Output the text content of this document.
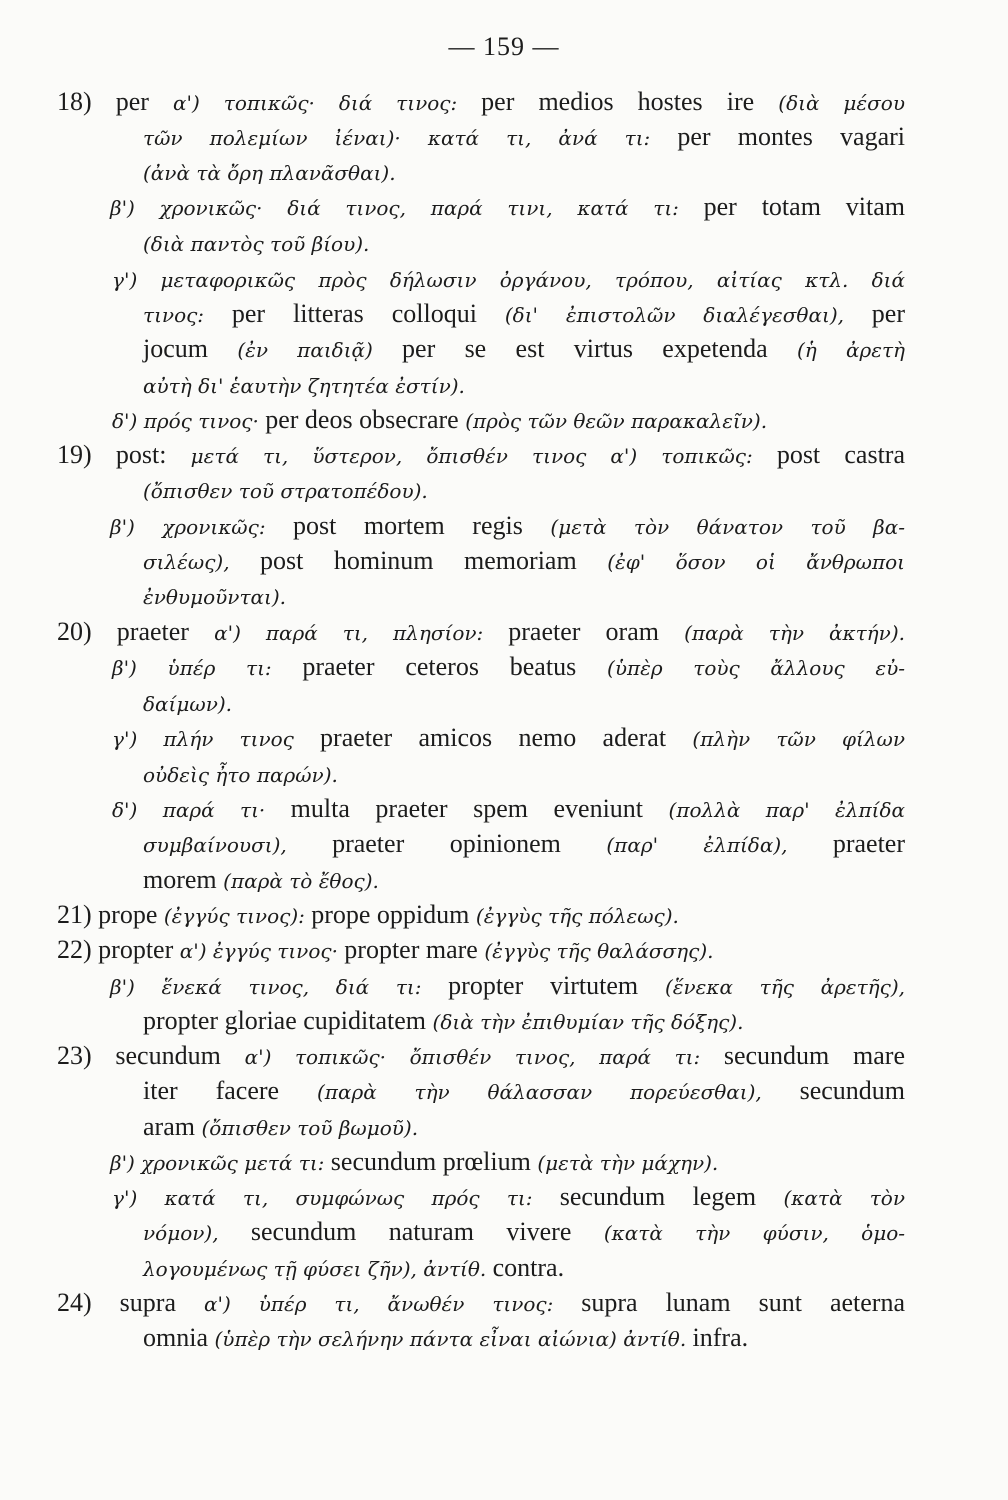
— 159 —
18) per α') τοπικῶς· διά τινος: per medios hostes ire (διὰ μέσου
τῶν πολεμίων ἰέναι)· κατά τι, ἀνά τι: per montes vagari
(ἀνὰ τὰ ὄρη πλανᾶσθαι).
β') χρονικῶς· διά τινος, παρά τινι, κατά τι: per totam vitam
(διὰ παντὸς τοῦ βίου).
γ') μεταφορικῶς πρὸς δήλωσιν ὀργάνου, τρόπου, αἰτίας κτλ. διά
τινος: per litteras colloqui (δι' ἐπιστολῶν διαλέγεσθαι), per
jocum (ἐν παιδιᾷ) per se est virtus expetenda (ἡ ἀρετὴ
αὐτὴ δι' ἑαυτὴν ζητητέα ἐστίν).
δ') πρός τινος· per deos obsecrare (πρὸς τῶν θεῶν παρακαλεῖν).
19) post: μετά τι, ὕστερον, ὄπισθέν τινος α') τοπικῶς: post castra
(ὄπισθεν τοῦ στρατοπέδου).
β') χρονικῶς: post mortem regis (μετὰ τὸν θάνατον τοῦ βα-
σιλέως), post hominum memoriam (ἐφ' ὅσον οἱ ἄνθρωποι
ἐνθυμοῦνται).
20) praeter α') παρά τι, πλησίον: praeter oram (παρὰ τὴν ἀκτήν).
β') ὑπέρ τι: praeter ceteros beatus (ὑπὲρ τοὺς ἄλλους εὐ-
δαίμων).
γ') πλήν τινος praeter amicos nemo aderat (πλὴν τῶν φίλων
οὐδεὶς ἦτο παρών).
δ') παρά τι· multa praeter spem eveniunt (πολλὰ παρ' ἐλπίδα
συμβαίνουσι), praeter opinionem (παρ' ἐλπίδα), praeter
morem (παρὰ τὸ ἔθος).
21) prope (ἐγγύς τινος): prope oppidum (ἐγγὺς τῆς πόλεως).
22) propter α') ἐγγύς τινος· propter mare (ἐγγὺς τῆς θαλάσσης).
β') ἕνεκά τινος, διά τι: propter virtutem (ἕνεκα τῆς ἀρετῆς),
propter gloriae cupiditatem (διὰ τὴν ἐπιθυμίαν τῆς δόξης).
23) secundum α') τοπικῶς· ὄπισθέν τινος, παρά τι: secundum mare
iter facere (παρὰ τὴν θάλασσαν πορεύεσθαι), secundum
aram (ὄπισθεν τοῦ βωμοῦ).
β') χρονικῶς μετά τι: secundum prœlium (μετὰ τὴν μάχην).
γ') κατά τι, συμφώνως πρός τι: secundum legem (κατὰ τὸν
νόμον), secundum naturam vivere (κατὰ τὴν φύσιν, ὁμο-
λογουμένως τῇ φύσει ζῆν), ἀντίθ. contra.
24) supra α') ὑπέρ τι, ἄνωθέν τινος: supra lunam sunt aeterna
omnia (ὑπὲρ τὴν σελήνην πάντα εἶναι αἰώνια) ἀντίθ. infra.
